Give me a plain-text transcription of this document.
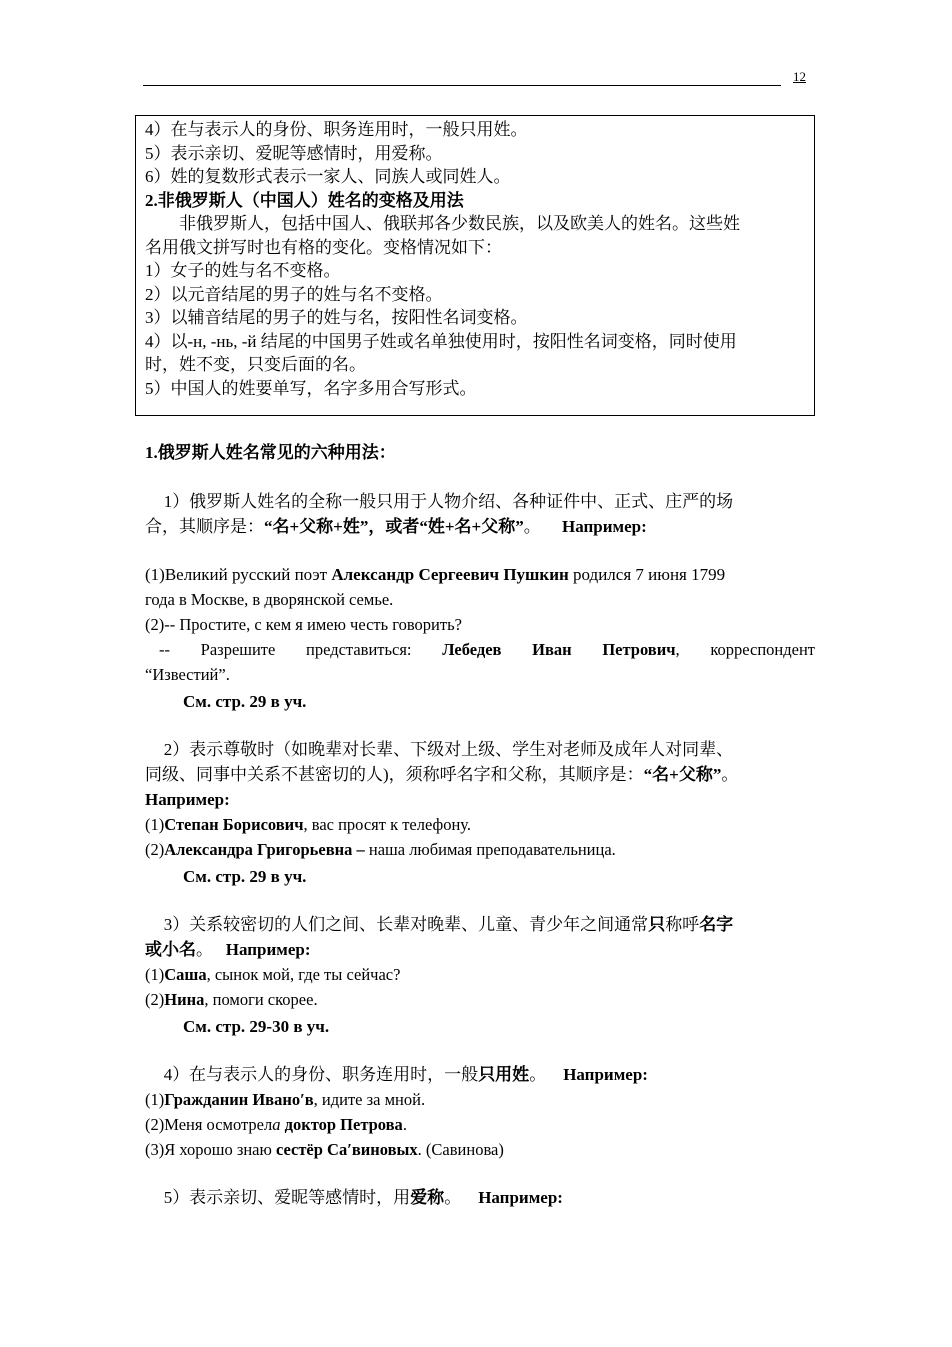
12
4）在与表示人的身份、职务连用时，一般只用姓。
5）表示亲切、爱昵等感情时，用爱称。
6）姓的复数形式表示一家人、同族人或同姓人。
2.非俄罗斯人（中国人）姓名的变格及用法
非俄罗斯人，包括中国人、俄联邦各少数民族，以及欧美人的姓名。这些姓
名用俄文拼写时也有格的变化。变格情况如下：
1）女子的姓与名不变格。
2）以元音结尾的男子的姓与名不变格。
3）以辅音结尾的男子的姓与名，按阳性名词变格。
4）以-н, -нь, -й 结尾的中国男子姓或名单独使用时，按阳性名词变格，同时使用
时，姓不变，只变后面的名。
5）中国人的姓要单写，名字多用合写形式。
1.俄罗斯人姓名常见的六种用法：

1）俄罗斯人姓名的全称一般只用于人物介绍、各种证件中、正式、庄严的场

合，其顺序是：“名+父称+姓”，或者“姓+名+父称”。 Например:

(1)Великий русский поэт Александр Сергеевич Пушкин родился 7 июня 1799

года в Москве, в дворянской семье.

(2)-- Простите, с кем я имею честь говорить?

-- Разрешите представиться: Лебедев Иван Петрович, корреспондент

“Известий”.

См. стр. 29 в уч.

2）表示尊敬时（如晚辈对长辈、下级对上级、学生对老师及成年人对同辈、

同级、同事中关系不甚密切的人)，须称呼名字和父称，其顺序是：“名+父称”。

Например:

(1)Степан Борисович, вас просят к телефону.

(2)Александра Григорьевна – наша любимая преподавательница.

См. стр. 29 в уч.

3）关系较密切的人们之间、长辈对晚辈、儿童、青少年之间通常只称呼名字

或小名。 Например:

(1)Саша, сынок мой, где ты сейчас?

(2)Нина, помоги скорее.

См. стр. 29-30 в уч.

4）在与表示人的身份、职务连用时，一般只用姓。 Например:

(1)Гражданин Ивано′в, идите за мной.

(2)Меня осмотрела доктор Петрова.

(3)Я хорошо знаю сестёр Са′виновых. (Савинова)

5）表示亲切、爱昵等感情时，用爱称。 Например:
